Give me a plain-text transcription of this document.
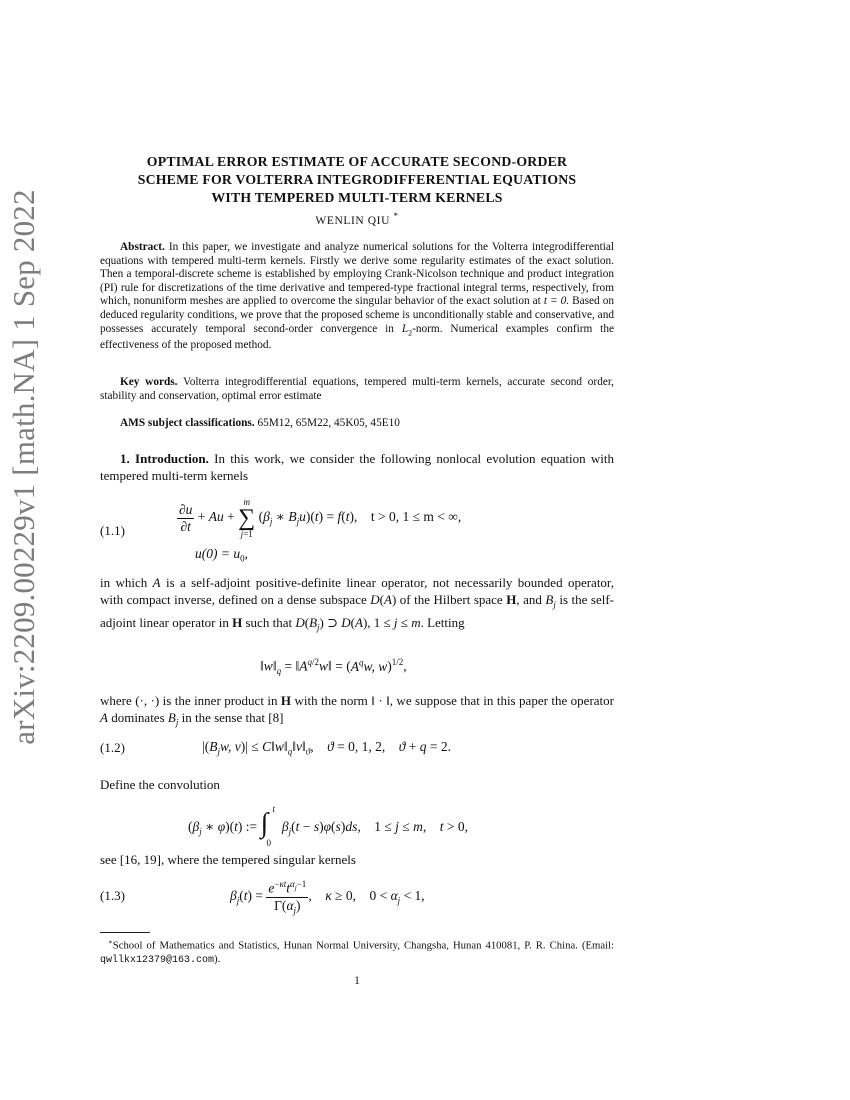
arXiv:2209.00229v1 [math.NA] 1 Sep 2022
OPTIMAL ERROR ESTIMATE OF ACCURATE SECOND-ORDER
SCHEME FOR VOLTERRA INTEGRODIFFERENTIAL EQUATIONS
WITH TEMPERED MULTI-TERM KERNELS
WENLIN QIU *
Abstract. In this paper, we investigate and analyze numerical solutions for the Volterra integrodifferential equations with tempered multi-term kernels. Firstly we derive some regularity estimates of the exact solution. Then a temporal-discrete scheme is established by employing Crank-Nicolson technique and product integration (PI) rule for discretizations of the time derivative and tempered-type fractional integral terms, respectively, from which, nonuniform meshes are applied to overcome the singular behavior of the exact solution at t = 0. Based on deduced regularity conditions, we prove that the proposed scheme is unconditionally stable and conservative, and possesses accurately temporal second-order convergence in $L_2$-norm. Numerical examples confirm the effectiveness of the proposed method.
Key words. Volterra integrodifferential equations, tempered multi-term kernels, accurate second order, stability and conservation, optimal error estimate
AMS subject classifications. 65M12, 65M22, 45K05, 45E10
1. Introduction. In this work, we consider the following nonlocal evolution equation with tempered multi-term kernels
(1.1)	$\frac{\partial u}{\partial t} + Au$ +
m
∑
j=1
($\beta_j$ ∗ $B_ju)(t) = f(t)$,    t > 0, 1 ≤ m < ∞,
$u(0) = u_0$,
in which A is a self-adjoint positive-definite linear operator, not necessarily bounded operator, with compact inverse, defined on a dense subspace D(A) of the Hilbert space H, and $B_j$ is the self-adjoint linear operator in H such that $D(B_j)$ ⊃ D(A), 1 ≤ j ≤ m. Letting
$‖w‖_q$ = $‖A^{q/2}w‖ = (A^qw$, w)$^{1/2}$,
where (·, ·) is the inner product in H with the norm ‖ · ‖, we suppose that in this paper the operator A dominates $B_j$ in the sense that [8]
(1.2)	$|(B_jw$, $v)| \le C‖w‖_q‖v‖_ϑ$,    ϑ = 0, 1, 2, ϑ + q = 2.
Define the convolution
($\beta_j$ ∗ φ)(t) := ∫ t
0
$\beta_j(t - s)\varphi(s)ds$,    1 ≤ j ≤ m,    t > 0,
see [16, 19], where the tempered singular kernels
(1.3)	$\beta_j(t) = \frac{e^{-\kappa t}t^{\alpha_j-1}}{\Gamma(\alpha_j)}$ ,    κ ≥ 0,    $0 < \alpha_j < 1$,
∗School of Mathematics and Statistics, Hunan Normal University, Changsha, Hunan 410081, P. R. China. (Email: qwllkx12379@163.com).
1
